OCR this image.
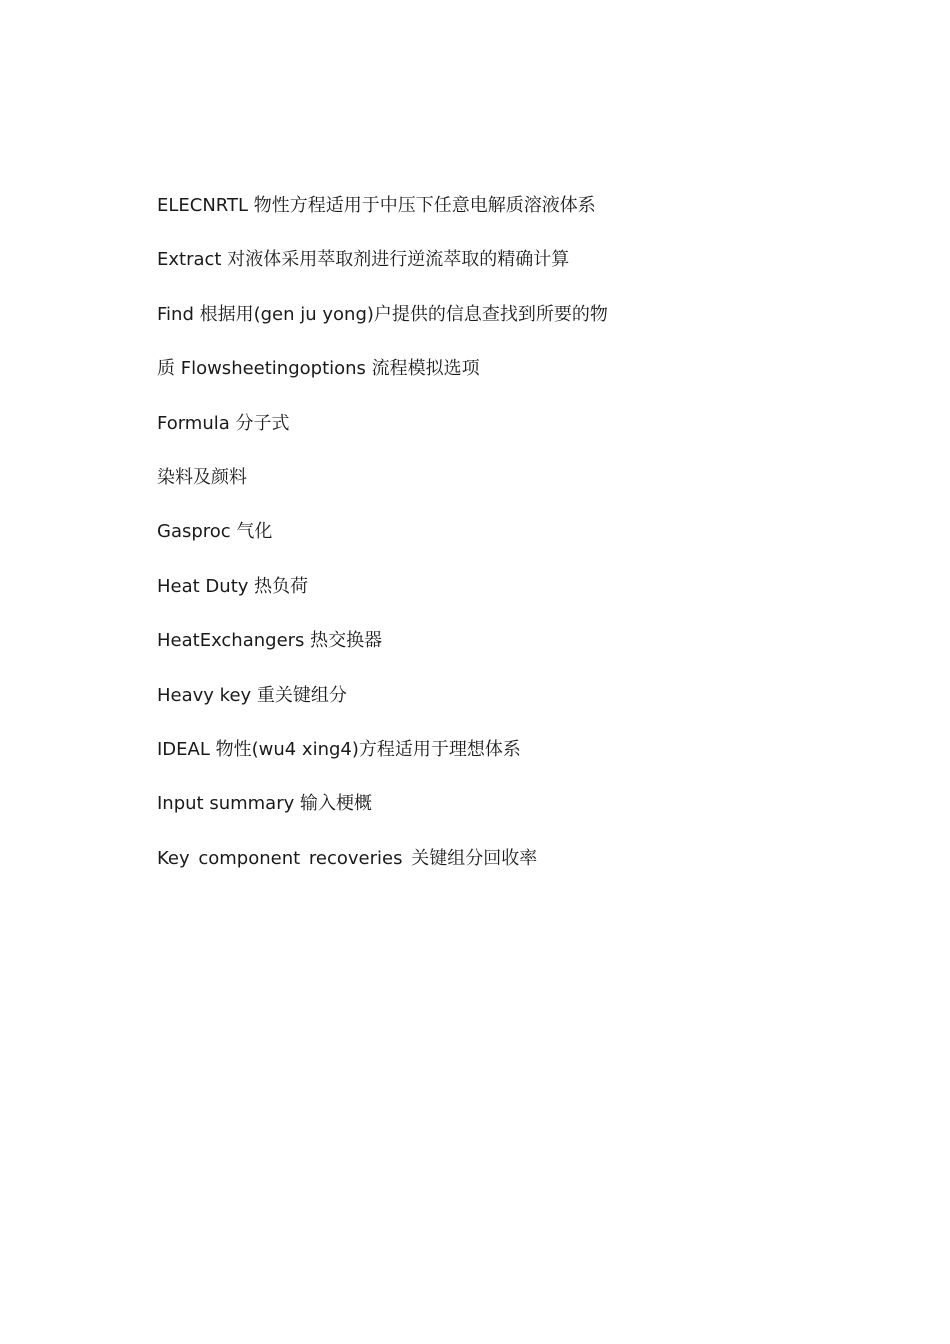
ELECNRTL 物性方程适用于中压下任意电解质溶液体系
Extract 对液体采用萃取剂进行逆流萃取的精确计算
Find 根据用(gen ju yong)户提供的信息查找到所要的物
质 Flowsheetingoptions 流程模拟选项
Formula 分子式
染料及颜料
Gasproc 气化
Heat Duty 热负荷
HeatExchangers 热交换器
Heavy key 重关键组分
IDEAL 物性(wu4 xing4)方程适用于理想体系
Input summary 输入梗概
Key component recoveries 关键组分回收率
